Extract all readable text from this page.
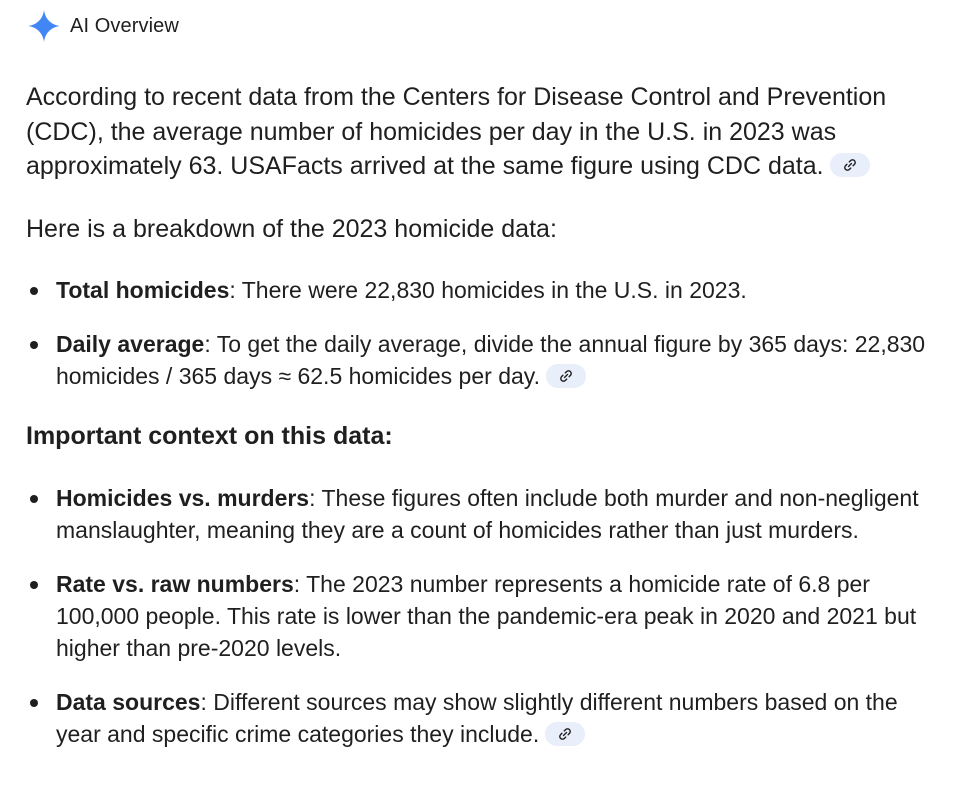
AI Overview

According to recent data from the Centers for Disease Control and Prevention (CDC), the average number of homicides per day in the U.S. in 2023 was approximately 63. USAFacts arrived at the same figure using CDC data.

Here is a breakdown of the 2023 homicide data:

Total homicides: There were 22,830 homicides in the U.S. in 2023.
Daily average: To get the daily average, divide the annual figure by 365 days: 22,830 homicides / 365 days ≈ 62.5 homicides per day.
Important context on this data:
Homicides vs. murders: These figures often include both murder and non-negligent manslaughter, meaning they are a count of homicides rather than just murders.
Rate vs. raw numbers: The 2023 number represents a homicide rate of 6.8 per 100,000 people. This rate is lower than the pandemic-era peak in 2020 and 2021 but higher than pre-2020 levels.
Data sources: Different sources may show slightly different numbers based on the year and specific crime categories they include.
